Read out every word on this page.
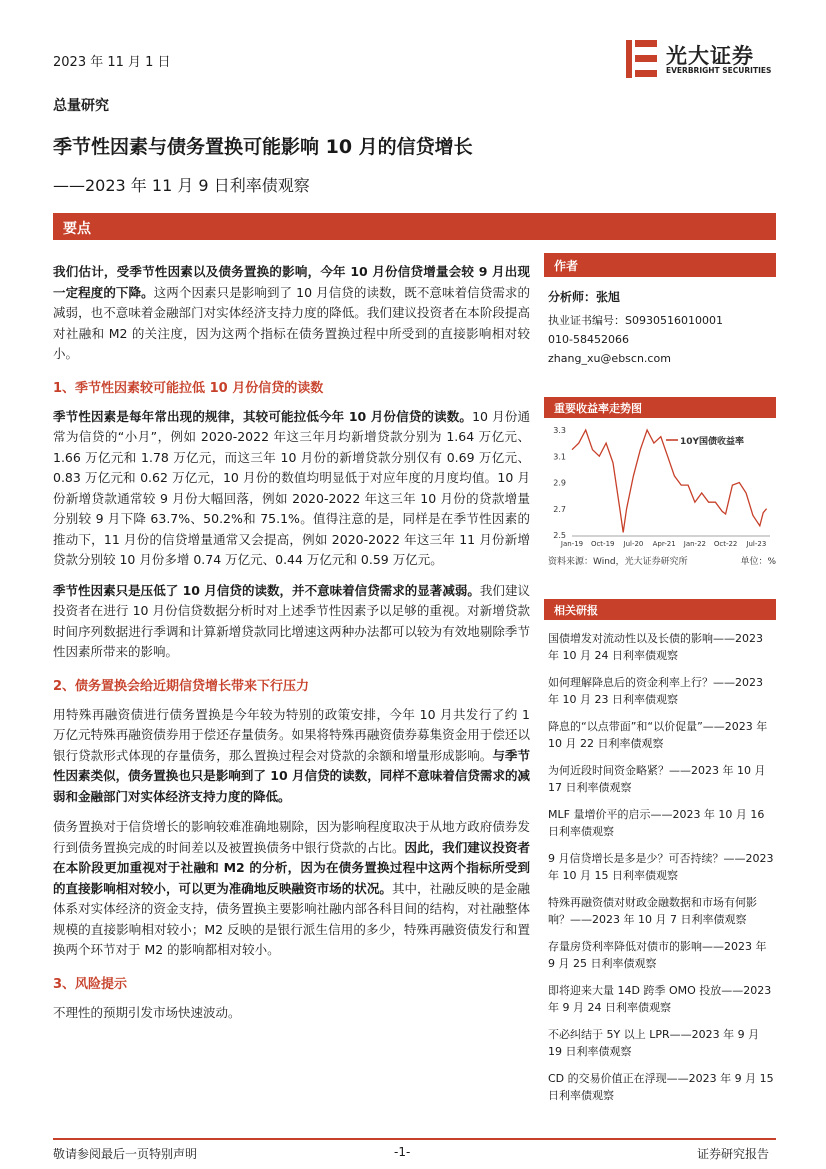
2023 年 11 月 1 日	光大证券
EVERBRIGHT SECURITIES
总量研究
季节性因素与债务置换可能影响 10 月的信贷增长
——2023 年 11 月 9 日利率债观察
要点

我们估计，受季节性因素以及债务置换的影响，今年 10 月份信贷增量会较 9 月出现一定程度的下降。这两个因素只是影响到了 10 月信贷的读数，既不意味着信贷需求的减弱，也不意味着金融部门对实体经济支持力度的降低。我们建议投资者在本阶段提高对社融和 M2 的关注度，因为这两个指标在债务置换过程中所受到的直接影响相对较小。

1、季节性因素较可能拉低 10 月份信贷的读数

季节性因素是每年常出现的规律，其较可能拉低今年 10 月份信贷的读数。10 月份通常为信贷的“小月”，例如 2020-2022 年这三年月均新增贷款分别为 1.64 万亿元、1.66 万亿元和 1.78 万亿元，而这三年 10 月份的新增贷款分别仅有 0.69 万亿元、0.83 万亿元和 0.62 万亿元，10 月份的数值均明显低于对应年度的月度均值。10 月份新增贷款通常较 9 月份大幅回落，例如 2020-2022 年这三年 10 月份的贷款增量分别较 9 月下降 63.7%、50.2%和 75.1%。值得注意的是，同样是在季节性因素的推动下，11 月份的信贷增量通常又会提高，例如 2020-2022 年这三年 11 月份新增贷款分别较 10 月份多增 0.74 万亿元、0.44 万亿元和 0.59 万亿元。

季节性因素只是压低了 10 月信贷的读数，并不意味着信贷需求的显著减弱。我们建议投资者在进行 10 月份信贷数据分析时对上述季节性因素予以足够的重视。对新增贷款时间序列数据进行季调和计算新增贷款同比增速这两种办法都可以较为有效地剔除季节性因素所带来的影响。

2、债务置换会给近期信贷增长带来下行压力

用特殊再融资债进行债务置换是今年较为特别的政策安排，今年 10 月共发行了约 1 万亿元特殊再融资债券用于偿还存量债务。如果将特殊再融资债券募集资金用于偿还以银行贷款形式体现的存量债务，那么置换过程会对贷款的余额和增量形成影响。与季节性因素类似，债务置换也只是影响到了 10 月信贷的读数，同样不意味着信贷需求的减弱和金融部门对实体经济支持力度的降低。

债务置换对于信贷增长的影响较难准确地剔除，因为影响程度取决于从地方政府债券发行到债务置换完成的时间差以及被置换债务中银行贷款的占比。因此，我们建议投资者在本阶段更加重视对于社融和 M2 的分析，因为在债务置换过程中这两个指标所受到的直接影响相对较小，可以更为准确地反映融资市场的状况。其中，社融反映的是金融体系对实体经济的资金支持，债务置换主要影响社融内部各科目间的结构，对社融整体规模的直接影响相对较小；M2 反映的是银行派生信用的多少，特殊再融资债发行和置换两个环节对于 M2 的影响都相对较小。

3、风险提示

不理性的预期引发市场快速波动。

作者
分析师：张旭
执业证书编号：S0930516010001
010-58452066
zhang_xu@ebscn.com
重要收益率走势图
3.3
3.1
2.9
2.7
2.5
Jan-19 Oct-19 Jul-20 Apr-21 Jan-22 Oct-22 Jul-23
10Y国债收益率
资料来源：Wind，光大证券研究所	单位：%
相关研报
国债增发对流动性以及长债的影响——2023 年 10 月 24 日利率债观察
如何理解降息后的资金利率上行？——2023 年 10 月 23 日利率债观察
降息的“以点带面”和“以价促量”——2023 年 10 月 22 日利率债观察
为何近段时间资金略紧？——2023 年 10 月 17 日利率债观察
MLF 量增价平的启示——2023 年 10 月 16 日利率债观察
9 月信贷增长是多是少？可否持续？——2023 年 10 月 15 日利率债观察
特殊再融资债对财政金融数据和市场有何影响？——2023 年 10 月 7 日利率债观察
存量房贷利率降低对债市的影响——2023 年 9 月 25 日利率债观察
即将迎来大量 14D 跨季 OMO 投放——2023 年 9 月 24 日利率债观察
不必纠结于 5Y 以上 LPR——2023 年 9 月 19 日利率债观察
CD 的交易价值正在浮现——2023 年 9 月 15 日利率债观察
敬请参阅最后一页特别声明	-1-	证券研究报告
